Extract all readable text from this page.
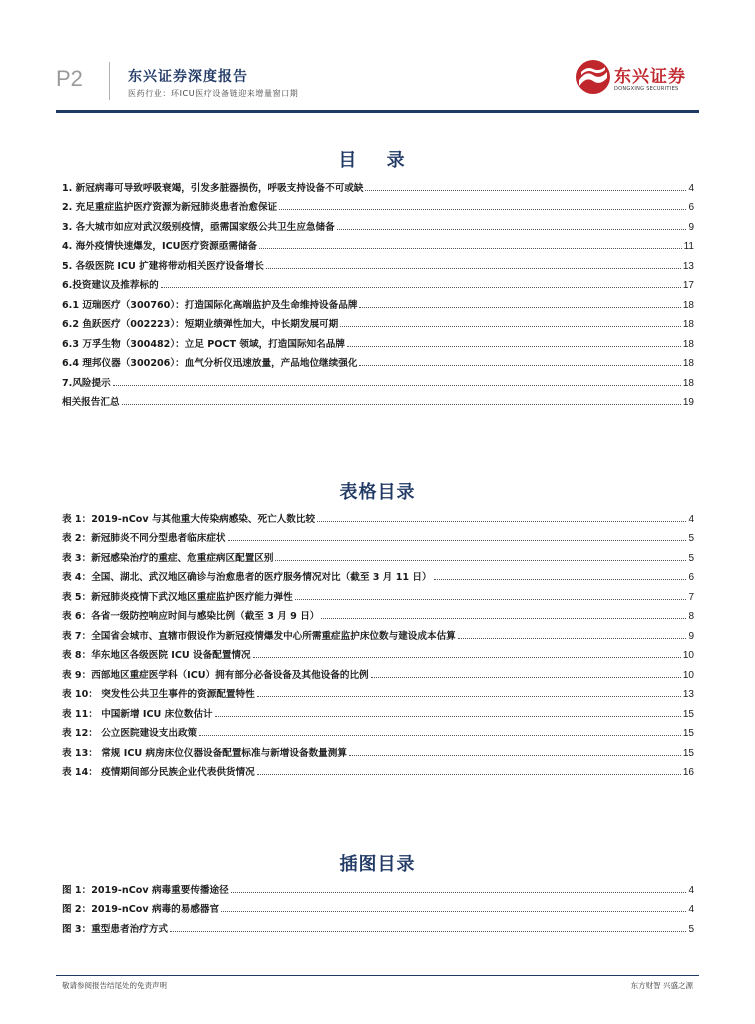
P2	东兴证券深度报告
医药行业：环ICU医疗设备链迎来增量窗口期
东兴证券
DONGXING SECURITIES
目 录
1. 新冠病毒可导致呼吸衰竭，引发多脏器损伤，呼吸支持设备不可或缺	4
2. 充足重症监护医疗资源为新冠肺炎患者治愈保证	6
3. 各大城市如应对武汉级别疫情，亟需国家级公共卫生应急储备	9
4. 海外疫情快速爆发，ICU医疗资源亟需储备	11
5. 各级医院 ICU 扩建将带动相关医疗设备增长	13
6.投资建议及推荐标的	17
6.1 迈瑞医疗（300760）：打造国际化高端监护及生命维持设备品牌	18
6.2 鱼跃医疗（002223）：短期业绩弹性加大，中长期发展可期	18
6.3 万孚生物（300482）：立足 POCT 领域，打造国际知名品牌	18
6.4 理邦仪器（300206）：血气分析仪迅速放量，产品地位继续强化	18
7.风险提示	18
相关报告汇总	19
表格目录
表 1：2019-nCov 与其他重大传染病感染、死亡人数比较	4
表 2：新冠肺炎不同分型患者临床症状	5
表 3：新冠感染治疗的重症、危重症病区配置区别	5
表 4：全国、湖北、武汉地区确诊与治愈患者的医疗服务情况对比（截至 3 月 11 日）	6
表 5：新冠肺炎疫情下武汉地区重症监护医疗能力弹性	7
表 6：各省一级防控响应时间与感染比例（截至 3 月 9 日）	8
表 7：全国省会城市、直辖市假设作为新冠疫情爆发中心所需重症监护床位数与建设成本估算	9
表 8：华东地区各级医院 ICU 设备配置情况	10
表 9：西部地区重症医学科（ICU）拥有部分必备设备及其他设备的比例	10
表 10： 突发性公共卫生事件的资源配置特性	13
表 11： 中国新增 ICU 床位数估计	15
表 12： 公立医院建设支出政策	15
表 13： 常规 ICU 病房床位仪器设备配置标准与新增设备数量测算	15
表 14： 疫情期间部分民族企业代表供货情况	16
插图目录
图 1：2019-nCov 病毒重要传播途径	4
图 2：2019-nCov 病毒的易感器官	4
图 3：重型患者治疗方式	5
敬请参阅报告结尾处的免责声明	东方财智 兴盛之源
